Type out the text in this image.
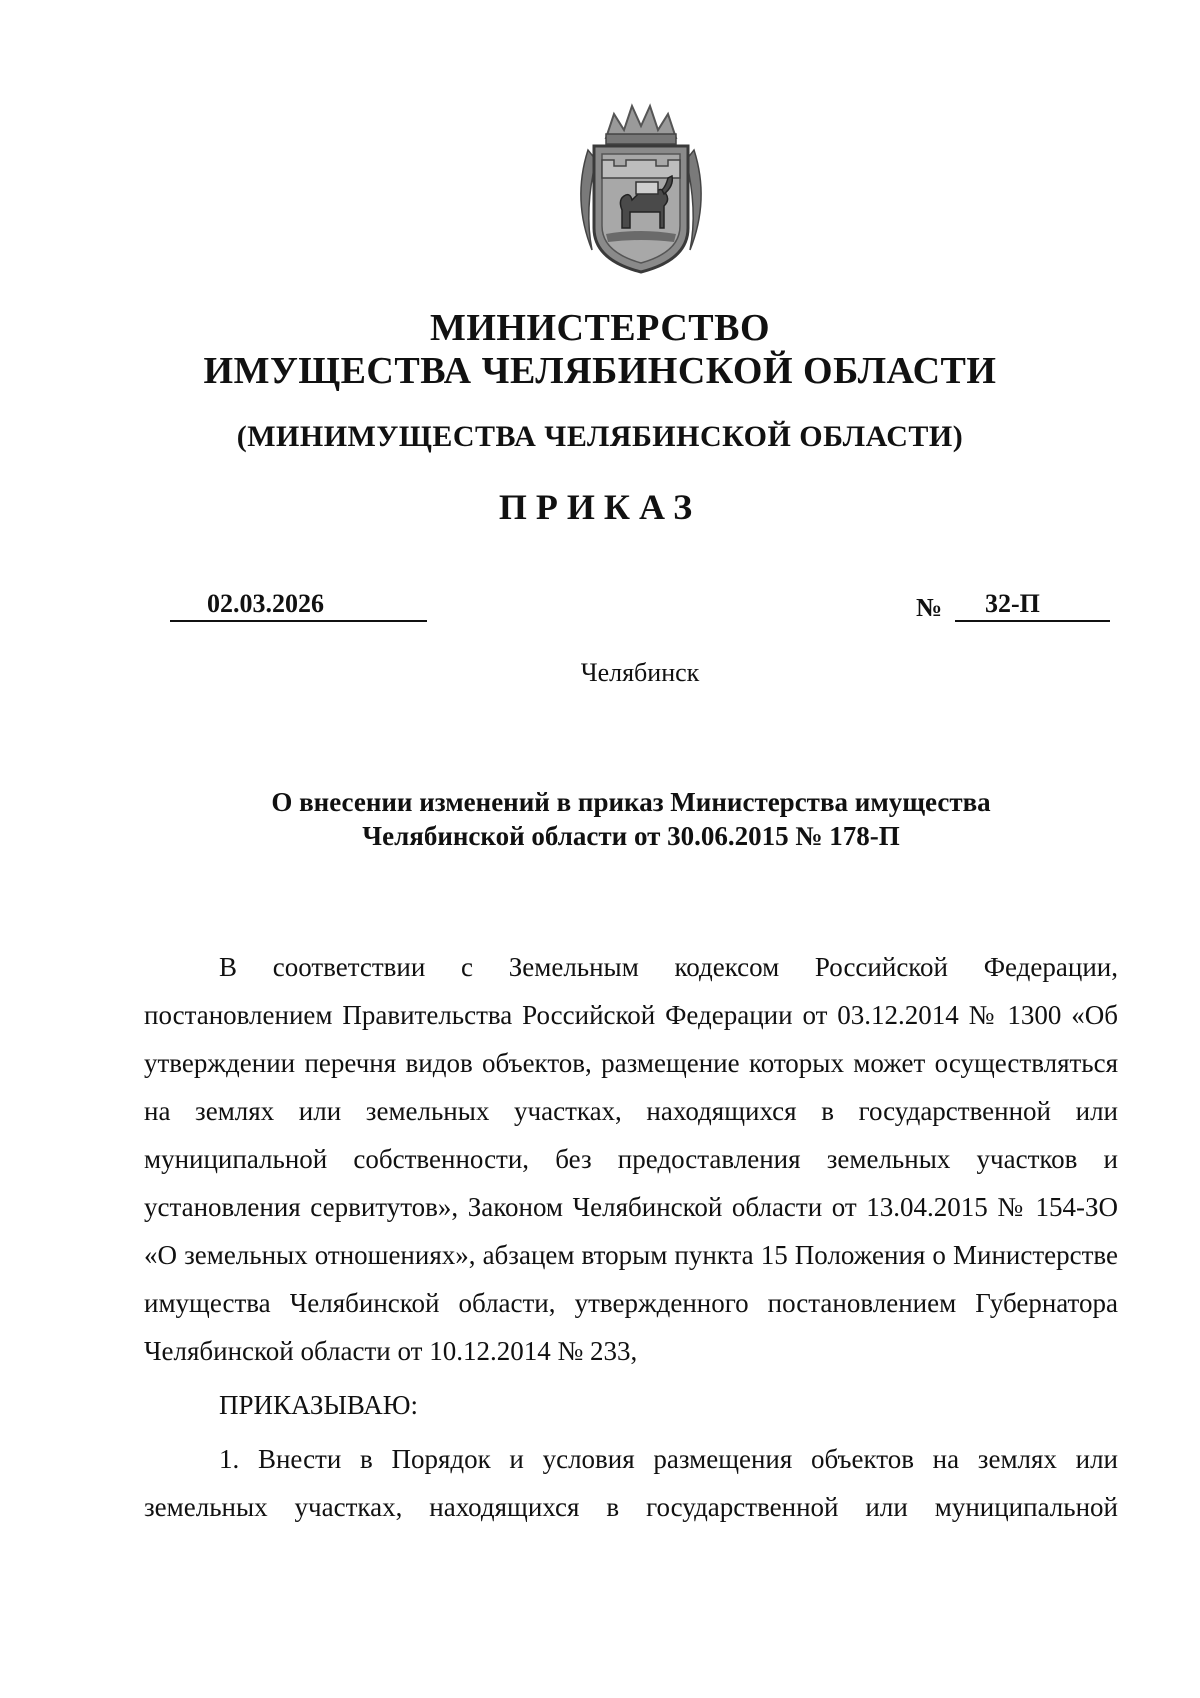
МИНИСТЕРСТВО
ИМУЩЕСТВА ЧЕЛЯБИНСКОЙ ОБЛАСТИ
(МИНИМУЩЕСТВА ЧЕЛЯБИНСКОЙ ОБЛАСТИ)
ПРИКАЗ
02.03.2026	№	32-П
Челябинск
О внесении изменений в приказ Министерства имущества
Челябинской области от 30.06.2015 № 178-П

В соответствии с Земельным кодексом Российской Федерации, постановлением Правительства Российской Федерации от 03.12.2014 № 1300 «Об утверждении перечня видов объектов, размещение которых может осуществляться на землях или земельных участках, находящихся в государственной или муниципальной собственности, без предоставления земельных участков и установления сервитутов», Законом Челябинской области от 13.04.2015 № 154-ЗО «О земельных отношениях», абзацем вторым пункта 15 Положения о Министерстве имущества Челябинской области, утвержденного постановлением Губернатора Челябинской области от 10.12.2014 № 233,

ПРИКАЗЫВАЮ:

1. Внести в Порядок и условия размещения объектов на землях или земельных участках, находящихся в государственной или муниципальной
